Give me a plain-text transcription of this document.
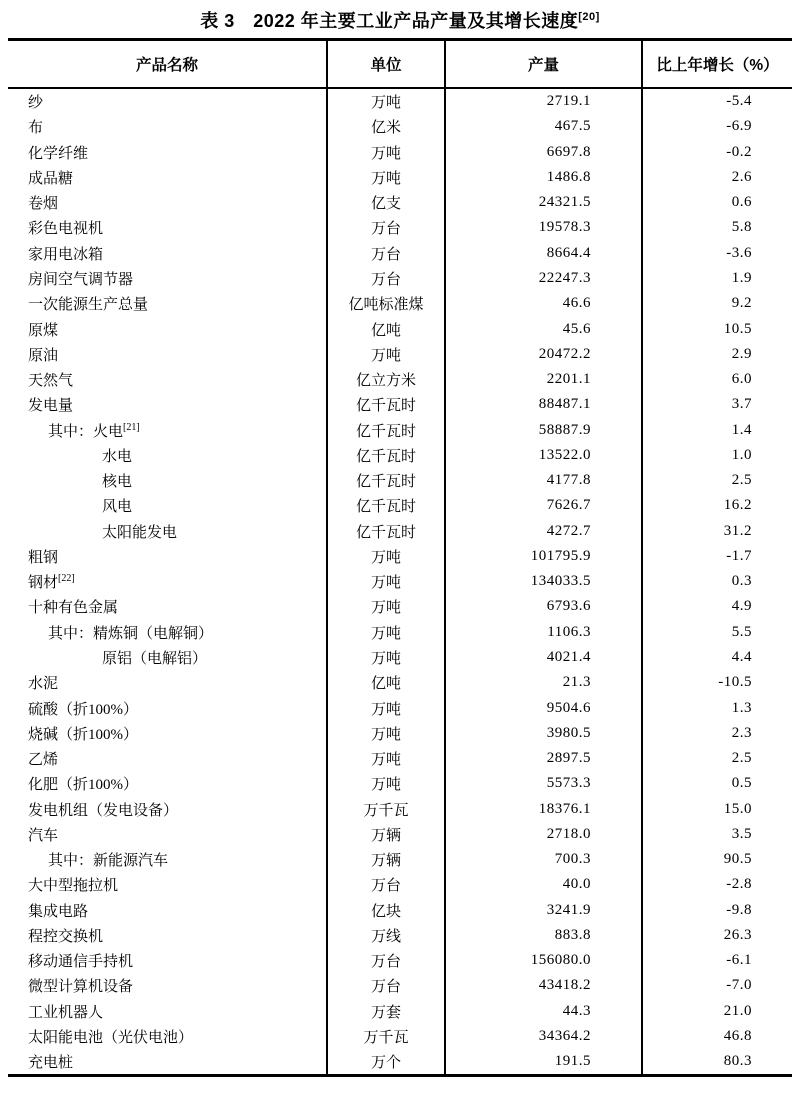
表 3　2022 年主要工业产品产量及其增长速度[20]
产品名称	单位	产量	比上年增长（%）
纱	万吨	2719.1	-5.4
布	亿米	467.5	-6.9
化学纤维	万吨	6697.8	-0.2
成品糖	万吨	1486.8	2.6
卷烟	亿支	24321.5	0.6
彩色电视机	万台	19578.3	5.8
家用电冰箱	万台	8664.4	-3.6
房间空气调节器	万台	22247.3	1.9
一次能源生产总量	亿吨标准煤	46.6	9.2
原煤	亿吨	45.6	10.5
原油	万吨	20472.2	2.9
天然气	亿立方米	2201.1	6.0
发电量	亿千瓦时	88487.1	3.7
其中：火电[21]	亿千瓦时	58887.9	1.4
水电	亿千瓦时	13522.0	1.0
核电	亿千瓦时	4177.8	2.5
风电	亿千瓦时	7626.7	16.2
太阳能发电	亿千瓦时	4272.7	31.2
粗钢	万吨	101795.9	-1.7
钢材[22]	万吨	134033.5	0.3
十种有色金属	万吨	6793.6	4.9
其中：精炼铜（电解铜）	万吨	1106.3	5.5
原铝（电解铝）	万吨	4021.4	4.4
水泥	亿吨	21.3	-10.5
硫酸（折100%）	万吨	9504.6	1.3
烧碱（折100%）	万吨	3980.5	2.3
乙烯	万吨	2897.5	2.5
化肥（折100%）	万吨	5573.3	0.5
发电机组（发电设备）	万千瓦	18376.1	15.0
汽车	万辆	2718.0	3.5
其中：新能源汽车	万辆	700.3	90.5
大中型拖拉机	万台	40.0	-2.8
集成电路	亿块	3241.9	-9.8
程控交换机	万线	883.8	26.3
移动通信手持机	万台	156080.0	-6.1
微型计算机设备	万台	43418.2	-7.0
工业机器人	万套	44.3	21.0
太阳能电池（光伏电池）	万千瓦	34364.2	46.8
充电桩	万个	191.5	80.3
